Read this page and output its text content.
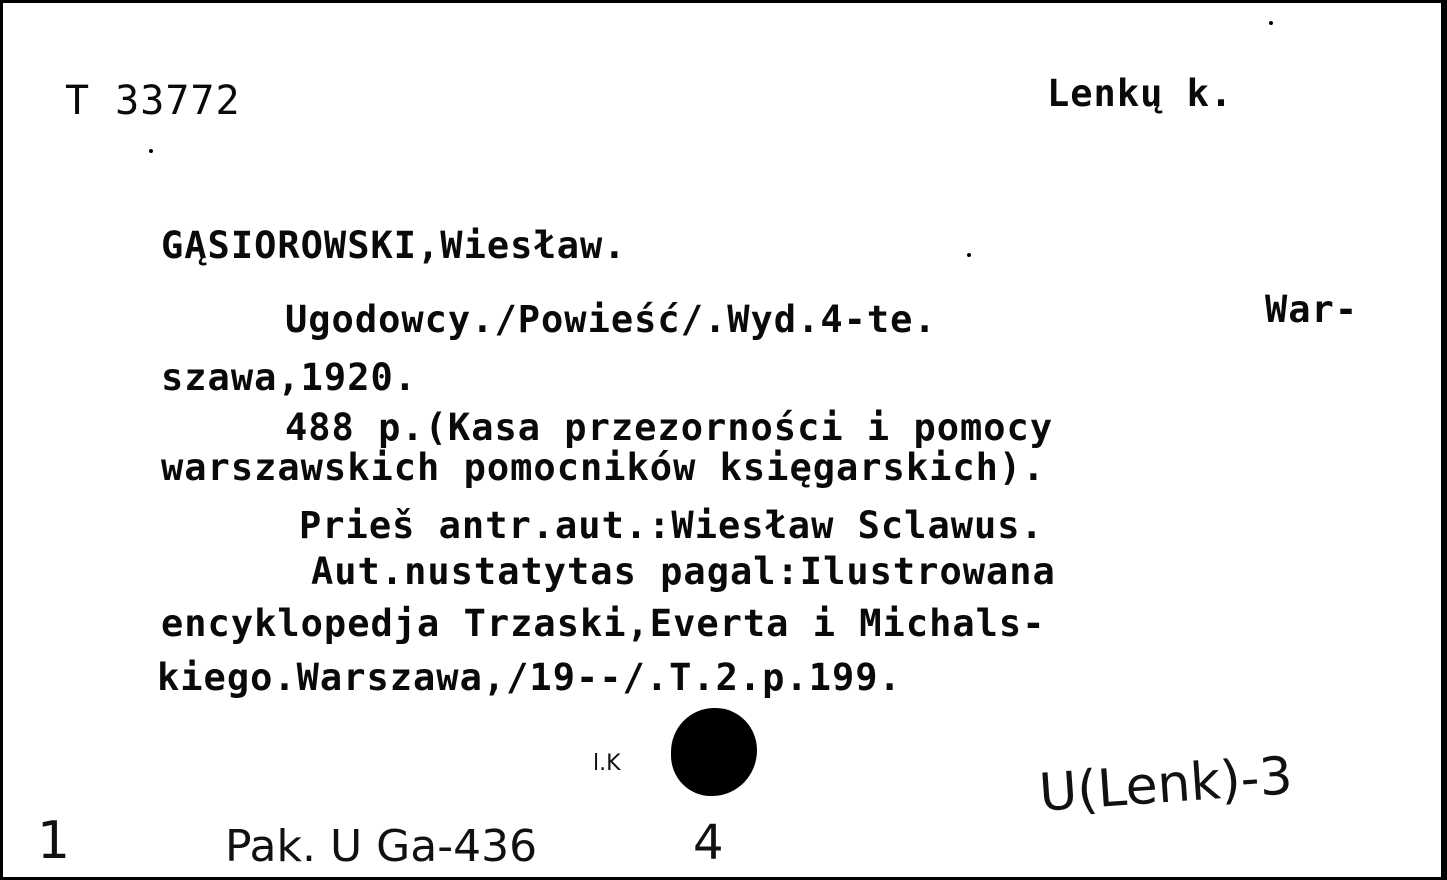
T 33772	Lenkų k.
GĄSIOROWSKI,Wiesław.
Ugodowcy./Powieść/.Wyd.4-te.	War-
szawa,1920.
488 p.(Kasa przezorności i pomocy
warszawskich pomocników księgarskich).
Prieš antr.aut.:Wiesław Sclawus.
Aut.nustatytas pagal:Ilustrowana
encyklopedja Trzaski,Everta i Michals-
kiego.Warszawa,/19--/.T.2.p.199.
l.K	U(Lenk)-3
1	Pak. U Ga-436	4
